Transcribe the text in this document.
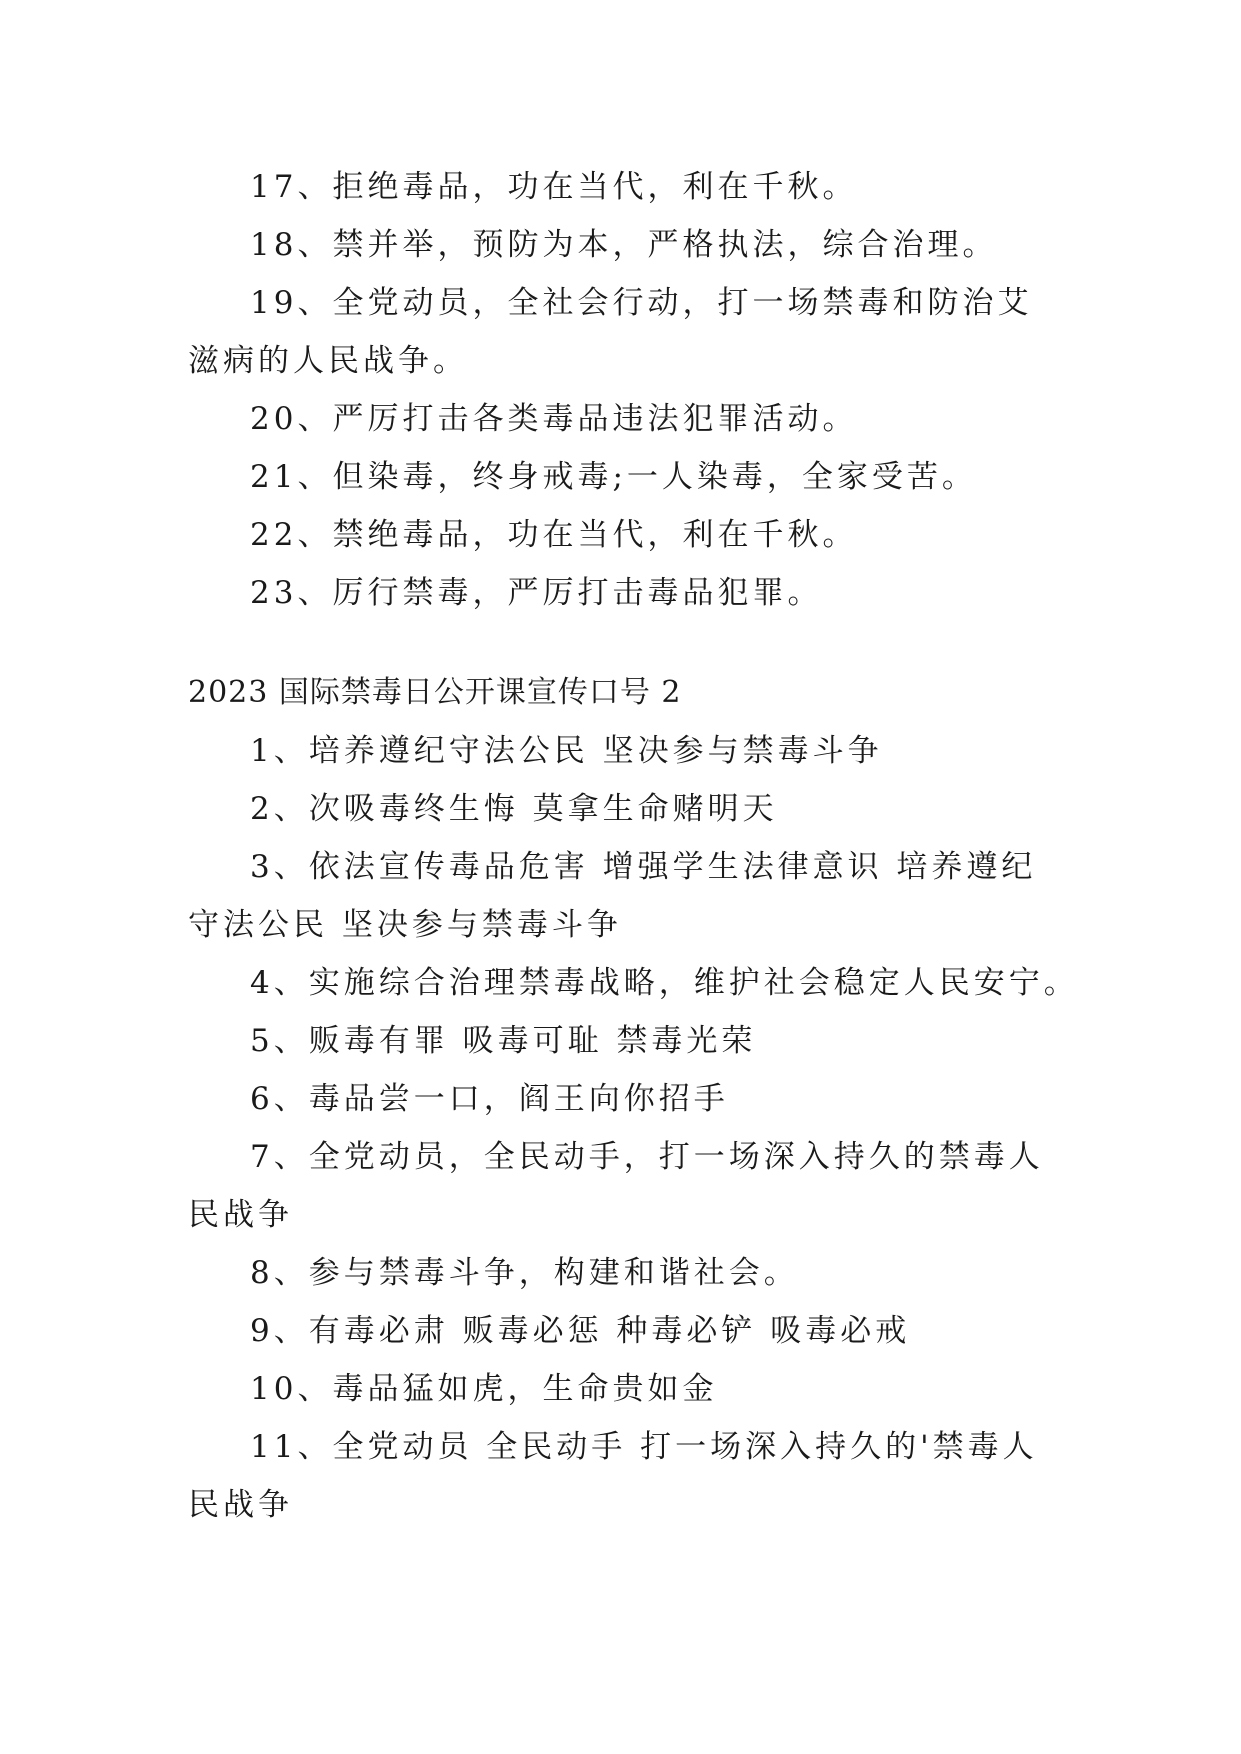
17、拒绝毒品，功在当代，利在千秋。

18、禁并举，预防为本，严格执法，综合治理。

19、全党动员，全社会行动，打一场禁毒和防治艾滋病的人民战争。

20、严厉打击各类毒品违法犯罪活动。

21、但染毒，终身戒毒;一人染毒，全家受苦。

22、禁绝毒品，功在当代，利在千秋。

23、厉行禁毒，严厉打击毒品犯罪。

2023 国际禁毒日公开课宣传口号 2

1、培养遵纪守法公民 坚决参与禁毒斗争

2、次吸毒终生悔 莫拿生命赌明天

3、依法宣传毒品危害 增强学生法律意识 培养遵纪守法公民 坚决参与禁毒斗争

4、实施综合治理禁毒战略，维护社会稳定人民安宁。

5、贩毒有罪 吸毒可耻 禁毒光荣

6、毒品尝一口，阎王向你招手

7、全党动员，全民动手，打一场深入持久的禁毒人民战争

8、参与禁毒斗争，构建和谐社会。

9、有毒必肃 贩毒必惩 种毒必铲 吸毒必戒

10、毒品猛如虎，生命贵如金

11、全党动员 全民动手 打一场深入持久的'禁毒人民战争
